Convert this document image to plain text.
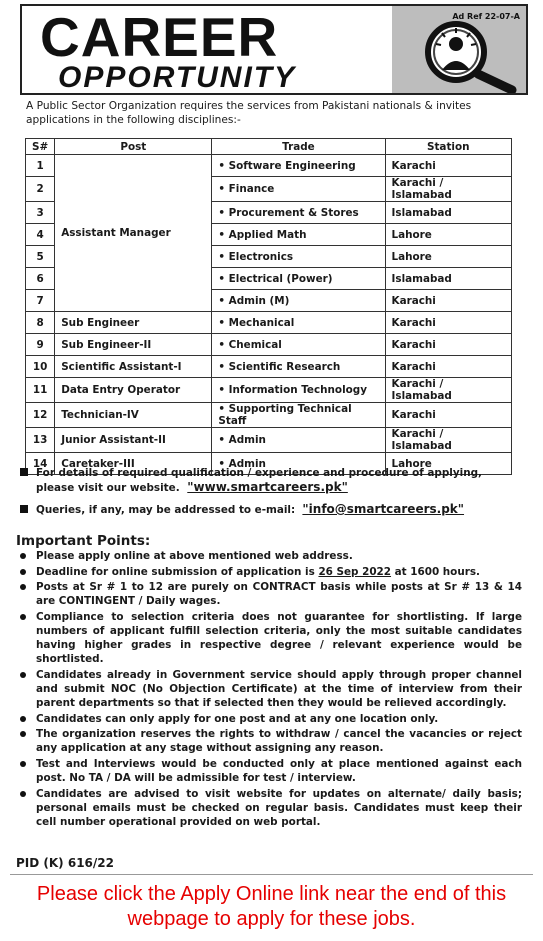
CAREER
OPPORTUNITY
Ad Ref 22-07-A
A Public Sector Organization requires the services from Pakistani nationals & invites applications in the following disciplines:-
S#	Post	Trade	Station
1	Assistant Manager	• Software Engineering	Karachi
2		• Finance	Karachi / Islamabad
3		• Procurement & Stores	Islamabad
4		• Applied Math	Lahore
5		• Electronics	Lahore
6		• Electrical (Power)	Islamabad
7		• Admin (M)	Karachi
8	Sub Engineer	• Mechanical	Karachi
9	Sub Engineer-II	• Chemical	Karachi
10	Scientific Assistant-I	• Scientific Research	Karachi
11	Data Entry Operator	• Information Technology	Karachi / Islamabad
12	Technician-IV	• Supporting Technical Staff	Karachi
13	Junior Assistant-II	• Admin	Karachi / Islamabad
14	Caretaker-III	• Admin	Lahore
For details of required qualification / experience and procedure of applying,
please visit our website. "www.smartcareers.pk"
Queries, if any, may be addressed to e-mail: "info@smartcareers.pk"
Important Points:
Please apply online at above mentioned web address.
Deadline for online submission of application is 26 Sep 2022 at 1600 hours.
Posts at Sr # 1 to 12 are purely on CONTRACT basis while posts at Sr # 13 & 14 are CONTINGENT / Daily wages.
Compliance to selection criteria does not guarantee for shortlisting. If large numbers of applicant fulfill selection criteria, only the most suitable candidates having higher grades in respective degree / relevant experience would be shortlisted.
Candidates already in Government service should apply through proper channel and submit NOC (No Objection Certificate) at the time of interview from their parent departments so that if selected then they would be relieved accordingly.
Candidates can only apply for one post and at any one location only.
The organization reserves the rights to withdraw / cancel the vacancies or reject any application at any stage without assigning any reason.
Test and Interviews would be conducted only at place mentioned against each post. No TA / DA will be admissible for test / interview.
Candidates are advised to visit website for updates on alternate/ daily basis; personal emails must be checked on regular basis. Candidates must keep their cell number operational provided on web portal.
PID (K) 616/22
Please click the Apply Online link near the end of this webpage to apply for these jobs.
